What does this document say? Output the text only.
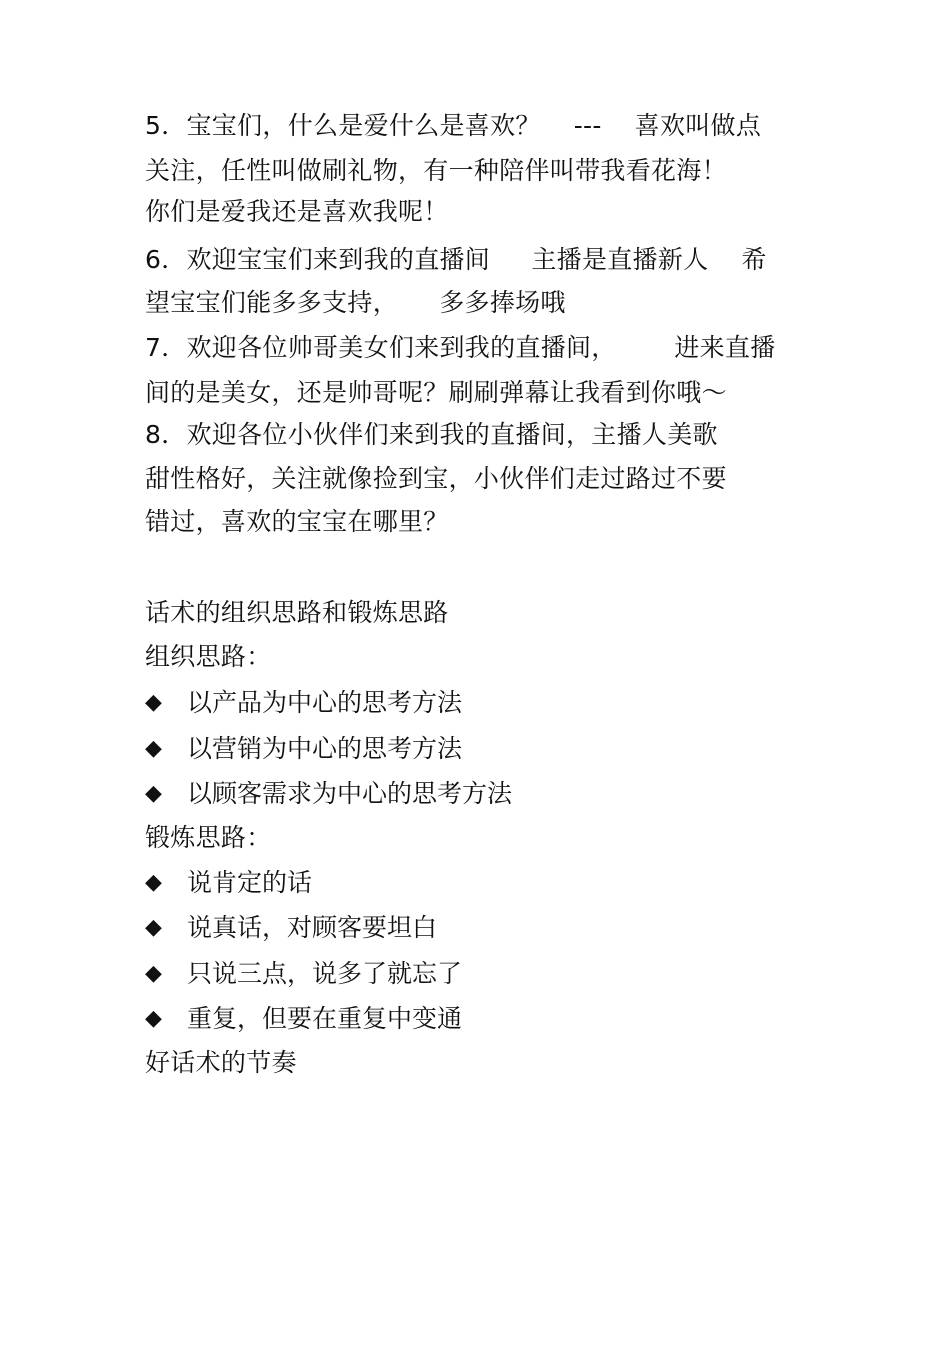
5．宝宝们，什么是爱什么是喜欢？    ---    喜欢叫做点

关注，任性叫做刷礼物，有一种陪伴叫带我看花海！

你们是爱我还是喜欢我呢！

6．欢迎宝宝们来到我的直播间     主播是直播新人    希

望宝宝们能多多支持，     多多捧场哦

7．欢迎各位帅哥美女们来到我的直播间，       进来直播

间的是美女，还是帅哥呢？刷刷弹幕让我看到你哦～

8．欢迎各位小伙伴们来到我的直播间，主播人美歌

甜性格好，关注就像捡到宝，小伙伴们走过路过不要

错过，喜欢的宝宝在哪里？

话术的组织思路和锻炼思路

组织思路：

◆ 以产品为中心的思考方法

◆ 以营销为中心的思考方法

◆ 以顾客需求为中心的思考方法

锻炼思路：

◆ 说肯定的话

◆ 说真话，对顾客要坦白

◆ 只说三点，说多了就忘了

◆ 重复，但要在重复中变通

好话术的节奏
